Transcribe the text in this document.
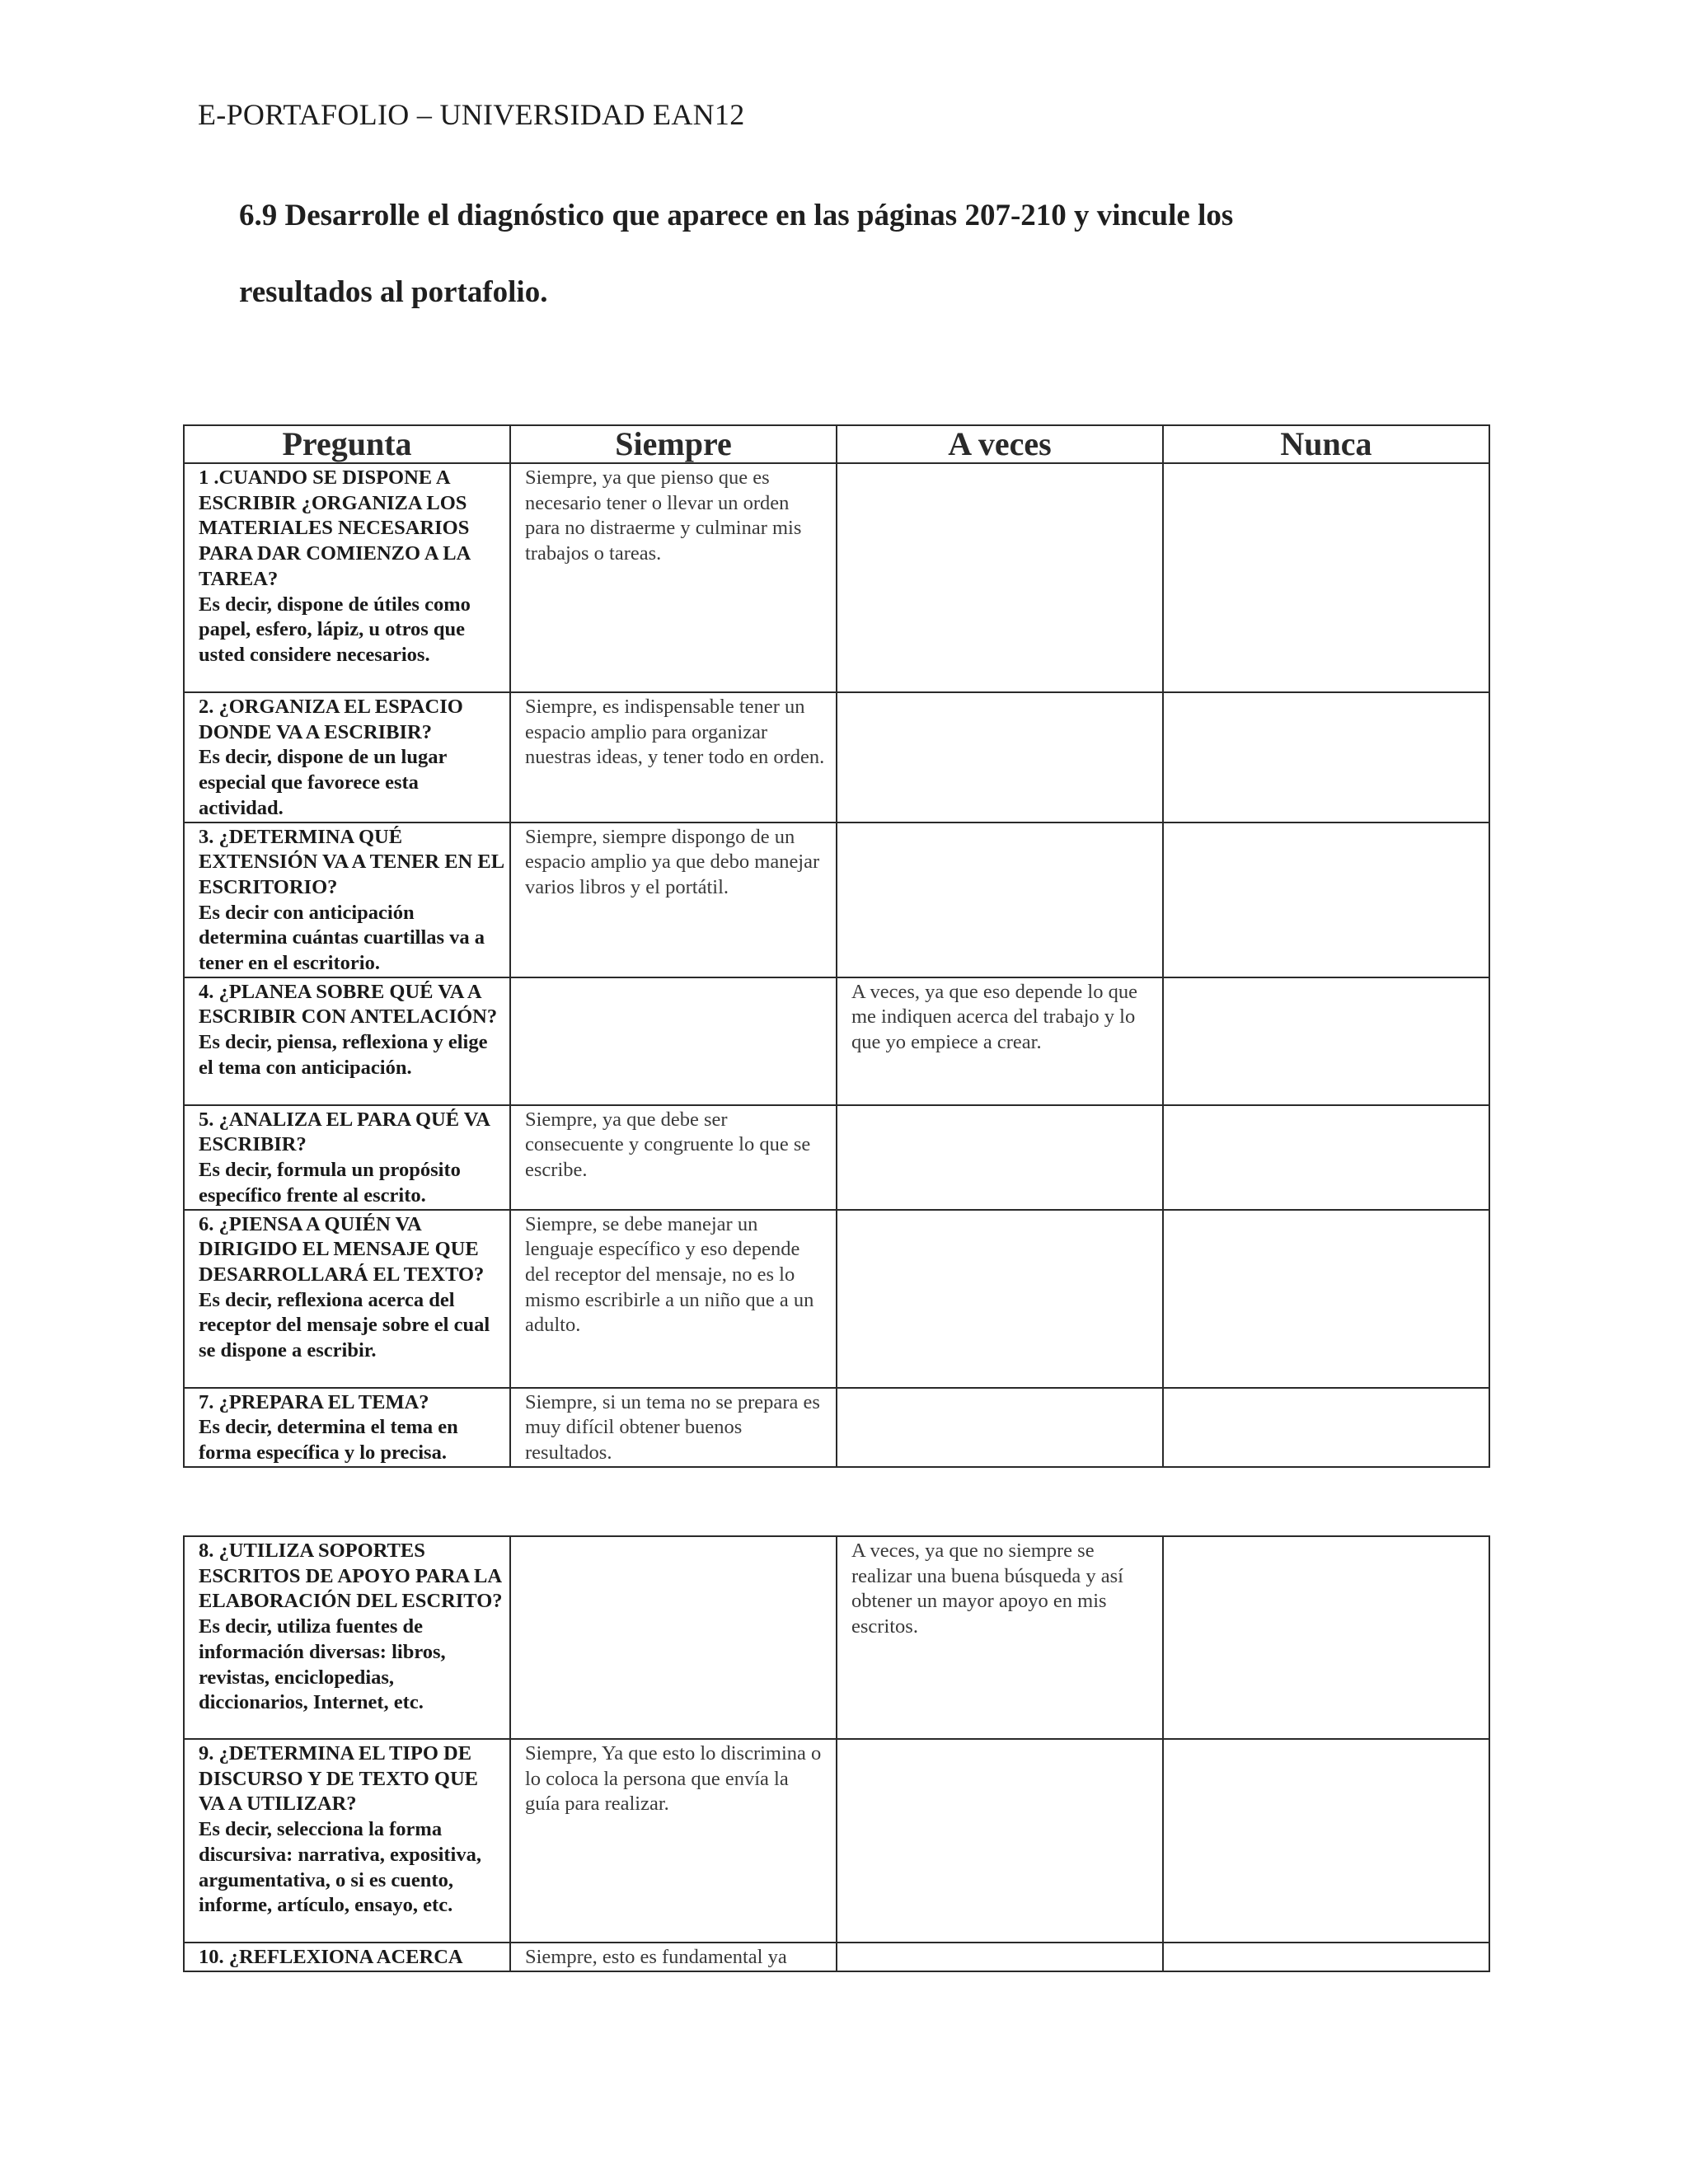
E-PORTAFOLIO – UNIVERSIDAD EAN12
6.9 Desarrolle el diagnóstico que aparece en las páginas 207-210 y vincule los
resultados al portafolio.
Pregunta	Siempre	A veces	Nunca

1 .CUANDO SE DISPONE A ESCRIBIR ¿ORGANIZA LOS MATERIALES NECESARIOS PARA DAR COMIENZO A LA TAREA?
Es decir, dispone de útiles como papel, esfero, lápiz, u otros que usted considere necesarios.	Siempre, ya que pienso que es necesario tener o llevar un orden para no distraerme y culminar mis trabajos o tareas.		

2. ¿ORGANIZA EL ESPACIO DONDE VA A ESCRIBIR?
Es decir, dispone de un lugar especial que favorece esta actividad.	Siempre, es indispensable tener un espacio amplio para organizar nuestras ideas, y tener todo en orden.		

3. ¿DETERMINA QUÉ EXTENSIÓN VA A TENER EN EL ESCRITORIO?
Es decir con anticipación determina cuántas cuartillas va a tener en el escritorio.	Siempre, siempre dispongo de un espacio amplio ya que debo manejar varios libros y el portátil.		

4. ¿PLANEA SOBRE QUÉ VA A ESCRIBIR CON ANTELACIÓN?
Es decir, piensa, reflexiona y elige el tema con anticipación.		A veces, ya que eso depende lo que me indiquen acerca del trabajo y lo que yo empiece a crear.	

5. ¿ANALIZA EL PARA QUÉ VA ESCRIBIR?
Es decir, formula un propósito específico frente al escrito.	Siempre, ya que debe ser consecuente y congruente lo que se escribe.		

6. ¿PIENSA A QUIÉN VA DIRIGIDO EL MENSAJE QUE DESARROLLARÁ EL TEXTO?
Es decir, reflexiona acerca del receptor del mensaje sobre el cual se dispone a escribir.	Siempre, se debe manejar un lenguaje específico y eso depende del receptor del mensaje, no es lo mismo escribirle a un niño que a un adulto.		

7. ¿PREPARA EL TEMA?
Es decir, determina el tema en forma específica y lo precisa.	Siempre, si un tema no se prepara es muy difícil obtener buenos resultados.		
8. ¿UTILIZA SOPORTES ESCRITOS DE APOYO PARA LA ELABORACIÓN DEL ESCRITO?
Es decir, utiliza fuentes de información diversas: libros, revistas, enciclopedias, diccionarios, Internet, etc.		A veces, ya que no siempre se realizar una buena búsqueda y así obtener un mayor apoyo en mis escritos.	

9. ¿DETERMINA EL TIPO DE DISCURSO Y DE TEXTO QUE VA A UTILIZAR?
Es decir, selecciona la forma discursiva: narrativa, expositiva, argumentativa, o si es cuento, informe, artículo, ensayo, etc.	Siempre, Ya que esto lo discrimina o lo coloca la persona que envía la guía para realizar.		

10. ¿REFLEXIONA ACERCA	Siempre, esto es fundamental ya		
